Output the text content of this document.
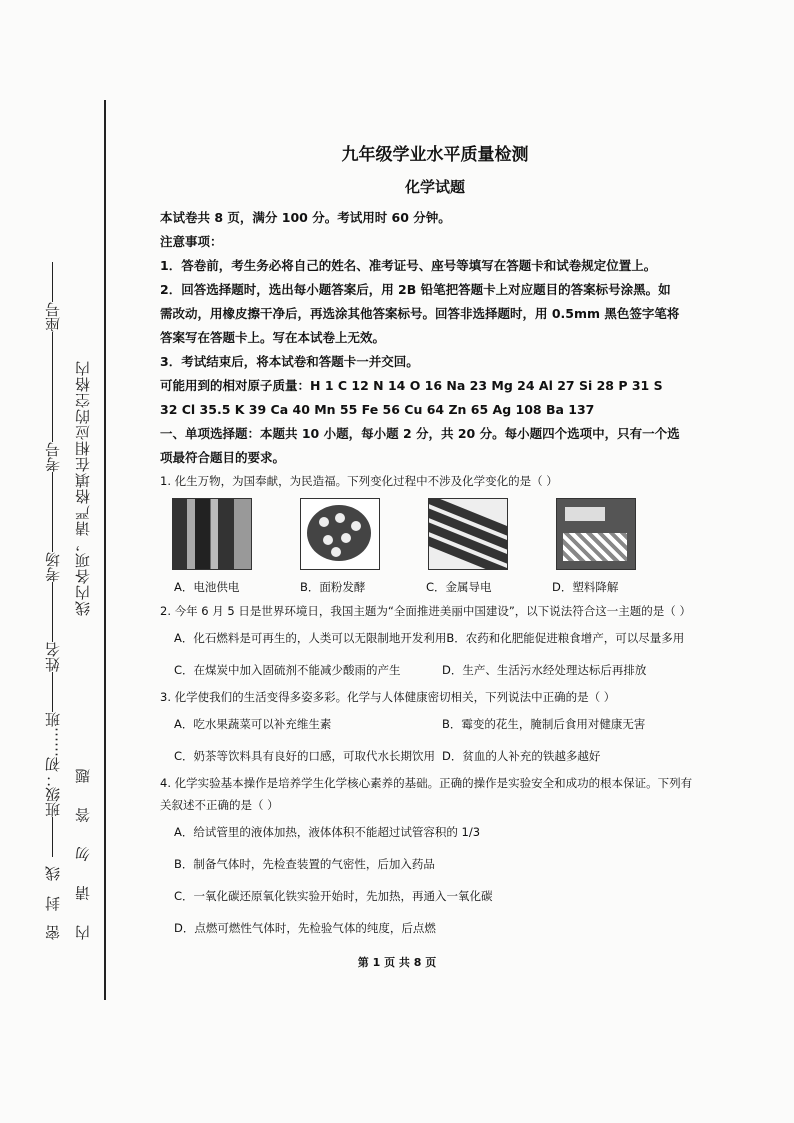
密

封

线

班级：
初
……
班
姓名
考场
考号
座号
内    请    勿    答    题  线内各项，请严格填在相应的空格内
九年级学业水平质量检测
化学试题
本试卷共 8 页，满分 100 分。考试用时 60 分钟。
注意事项：
1．答卷前，考生务必将自己的姓名、准考证号、座号等填写在答题卡和试卷规定位置上。
2．回答选择题时，选出每小题答案后，用 2B 铅笔把答题卡上对应题目的答案标号涂黑。如
需改动，用橡皮擦干净后，再选涂其他答案标号。回答非选择题时，用 0.5mm 黑色签字笔将
答案写在答题卡上。写在本试卷上无效。
3．考试结束后，将本试卷和答题卡一并交回。
可能用到的相对原子质量：H 1 C 12 N 14 O 16 Na 23 Mg 24 Al 27 Si 28 P 31 S
32 Cl 35.5 K 39 Ca 40 Mn 55 Fe 56 Cu 64 Zn 65 Ag 108 Ba 137
一、单项选择题：本题共 10 小题，每小题 2 分，共 20 分。每小题四个选项中，只有一个选
项最符合题目的要求。
1. 化生万物，为国奉献，为民造福。下列变化过程中不涉及化学变化的是（ ）
A．电池供电	B．面粉发酵	C．金属导电	D．塑料降解
2. 今年 6 月 5 日是世界环境日，我国主题为“全面推进美丽中国建设”，以下说法符合这一主题的是（ ）
A．化石燃料是可再生的，人类可以无限制地开发利用 B．农药和化肥能促进粮食增产，可以尽量多用
C．在煤炭中加入固硫剂不能减少酸雨的产生	D．生产、生活污水经处理达标后再排放
3. 化学使我们的生活变得多姿多彩。化学与人体健康密切相关，下列说法中正确的是（ ）
A．吃水果蔬菜可以补充维生素	B．霉变的花生，腌制后食用对健康无害
C．奶茶等饮料具有良好的口感，可取代水长期饮用 D．贫血的人补充的铁越多越好
4. 化学实验基本操作是培养学生化学核心素养的基础。正确的操作是实验安全和成功的根本保证。下列有
关叙述不正确的是（ ）
A．给试管里的液体加热，液体体积不能超过试管容积的 1/3
B．制备气体时，先检查装置的气密性，后加入药品
C．一氧化碳还原氧化铁实验开始时，先加热，再通入一氧化碳
D．点燃可燃性气体时，先检验气体的纯度，后点燃
第 1 页 共 8 页
